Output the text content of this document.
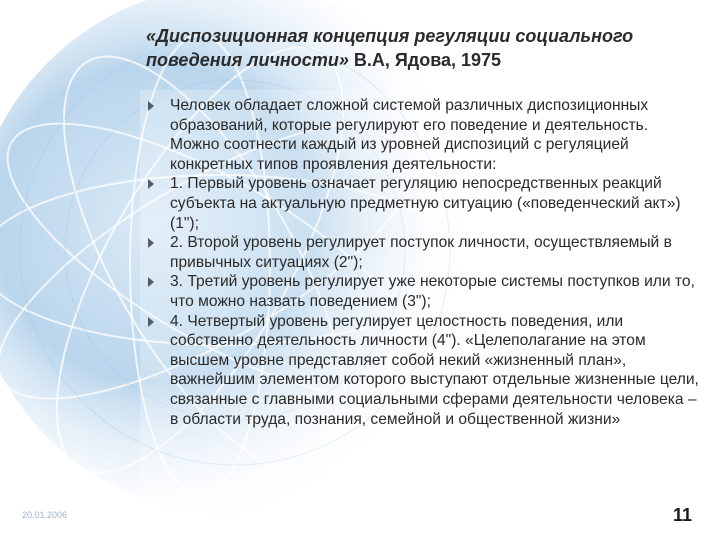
«Диспозиционная концепция регуляции социального поведения личности» В.А, Ядова, 1975
Человек обладает сложной системой различных диспозиционных образований, которые регулируют его поведение и деятельность. Можно соотнести каждый из уровней диспозиций с регуляцией конкретных типов проявления деятельности:
1. Первый уровень означает регуляцию непосредственных реакций субъекта на актуальную предметную ситуацию («поведенческий акт») (1");
2. Второй уровень регулирует поступок личности, осуществляемый в привычных ситуациях (2");
3. Третий уровень регулирует уже некоторые системы поступков или то, что можно назвать поведением (3");
4. Четвертый уровень регулирует целостность поведения, или собственно деятельность личности (4"). «Целеполагание на этом высшем уровне представляет собой некий «жизненный план», важнейшим элементом которого выступают отдельные жизненные цели, связанные с главными социальными сферами деятельности человека – в области труда, познания, семейной и общественной жизни»
20.01.2006	11
